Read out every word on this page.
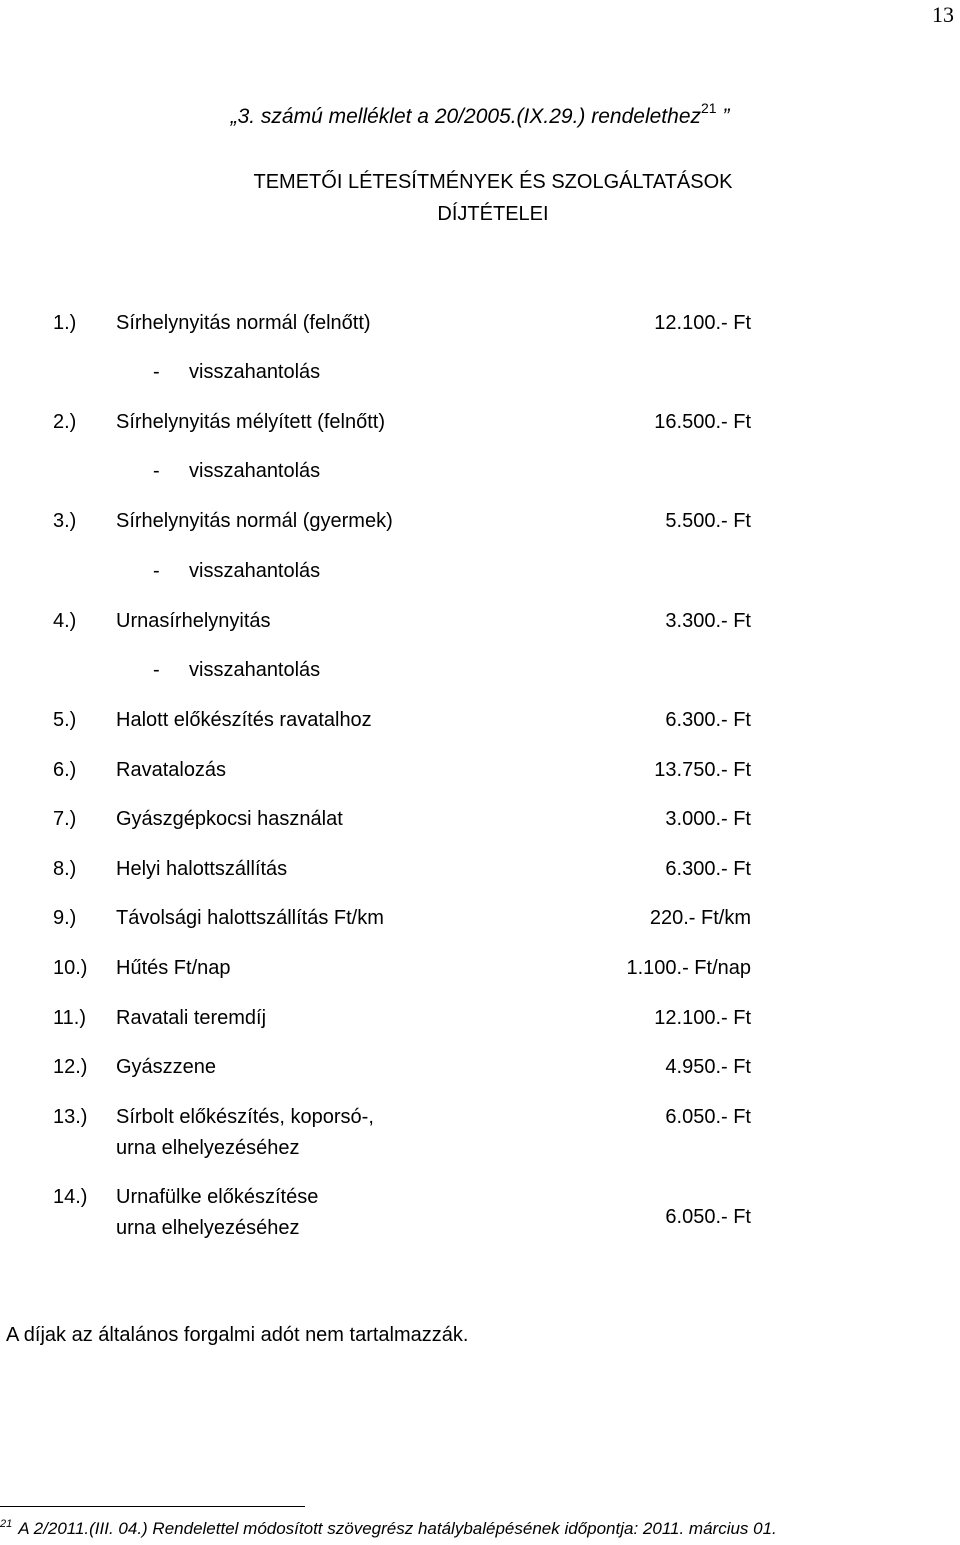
13
„3. számú melléklet a 20/2005.(IX.29.) rendelethez$^{21}$ ”
TEMETŐI LÉTESÍTMÉNYEK ÉS SZOLGÁLTATÁSOK
DÍJTÉTELEI
1.) Sírhelynyitás normál (felnőtt)	12.100.- Ft
- visszahantolás
2.) Sírhelynyitás mélyített (felnőtt)	16.500.- Ft
- visszahantolás
3.) Sírhelynyitás normál (gyermek)	5.500.- Ft
- visszahantolás
4.) Urnasírhelynyitás	3.300.- Ft
- visszahantolás
5.) Halott előkészítés ravatalhoz	6.300.- Ft
6.) Ravatalozás	13.750.- Ft
7.) Gyászgépkocsi használat	3.000.- Ft
8.) Helyi halottszállítás	6.300.- Ft
9.) Távolsági halottszállítás Ft/km	220.- Ft/km
10.) Hűtés Ft/nap	1.100.- Ft/nap
11.) Ravatali teremdíj	12.100.- Ft
12.) Gyászzene	4.950.- Ft
13.) Sírbolt előkészítés, koporsó-,	6.050.- Ft
urna elhelyezéséhez
14.) Urnafülke előkészítése
urna elhelyezéséhez	6.050.- Ft
A díjak az általános forgalmi adót nem tartalmazzák.
$^{21}$ A 2/2011.(III. 04.) Rendelettel módosított szövegrész hatálybalépésének időpontja: 2011. március 01.
